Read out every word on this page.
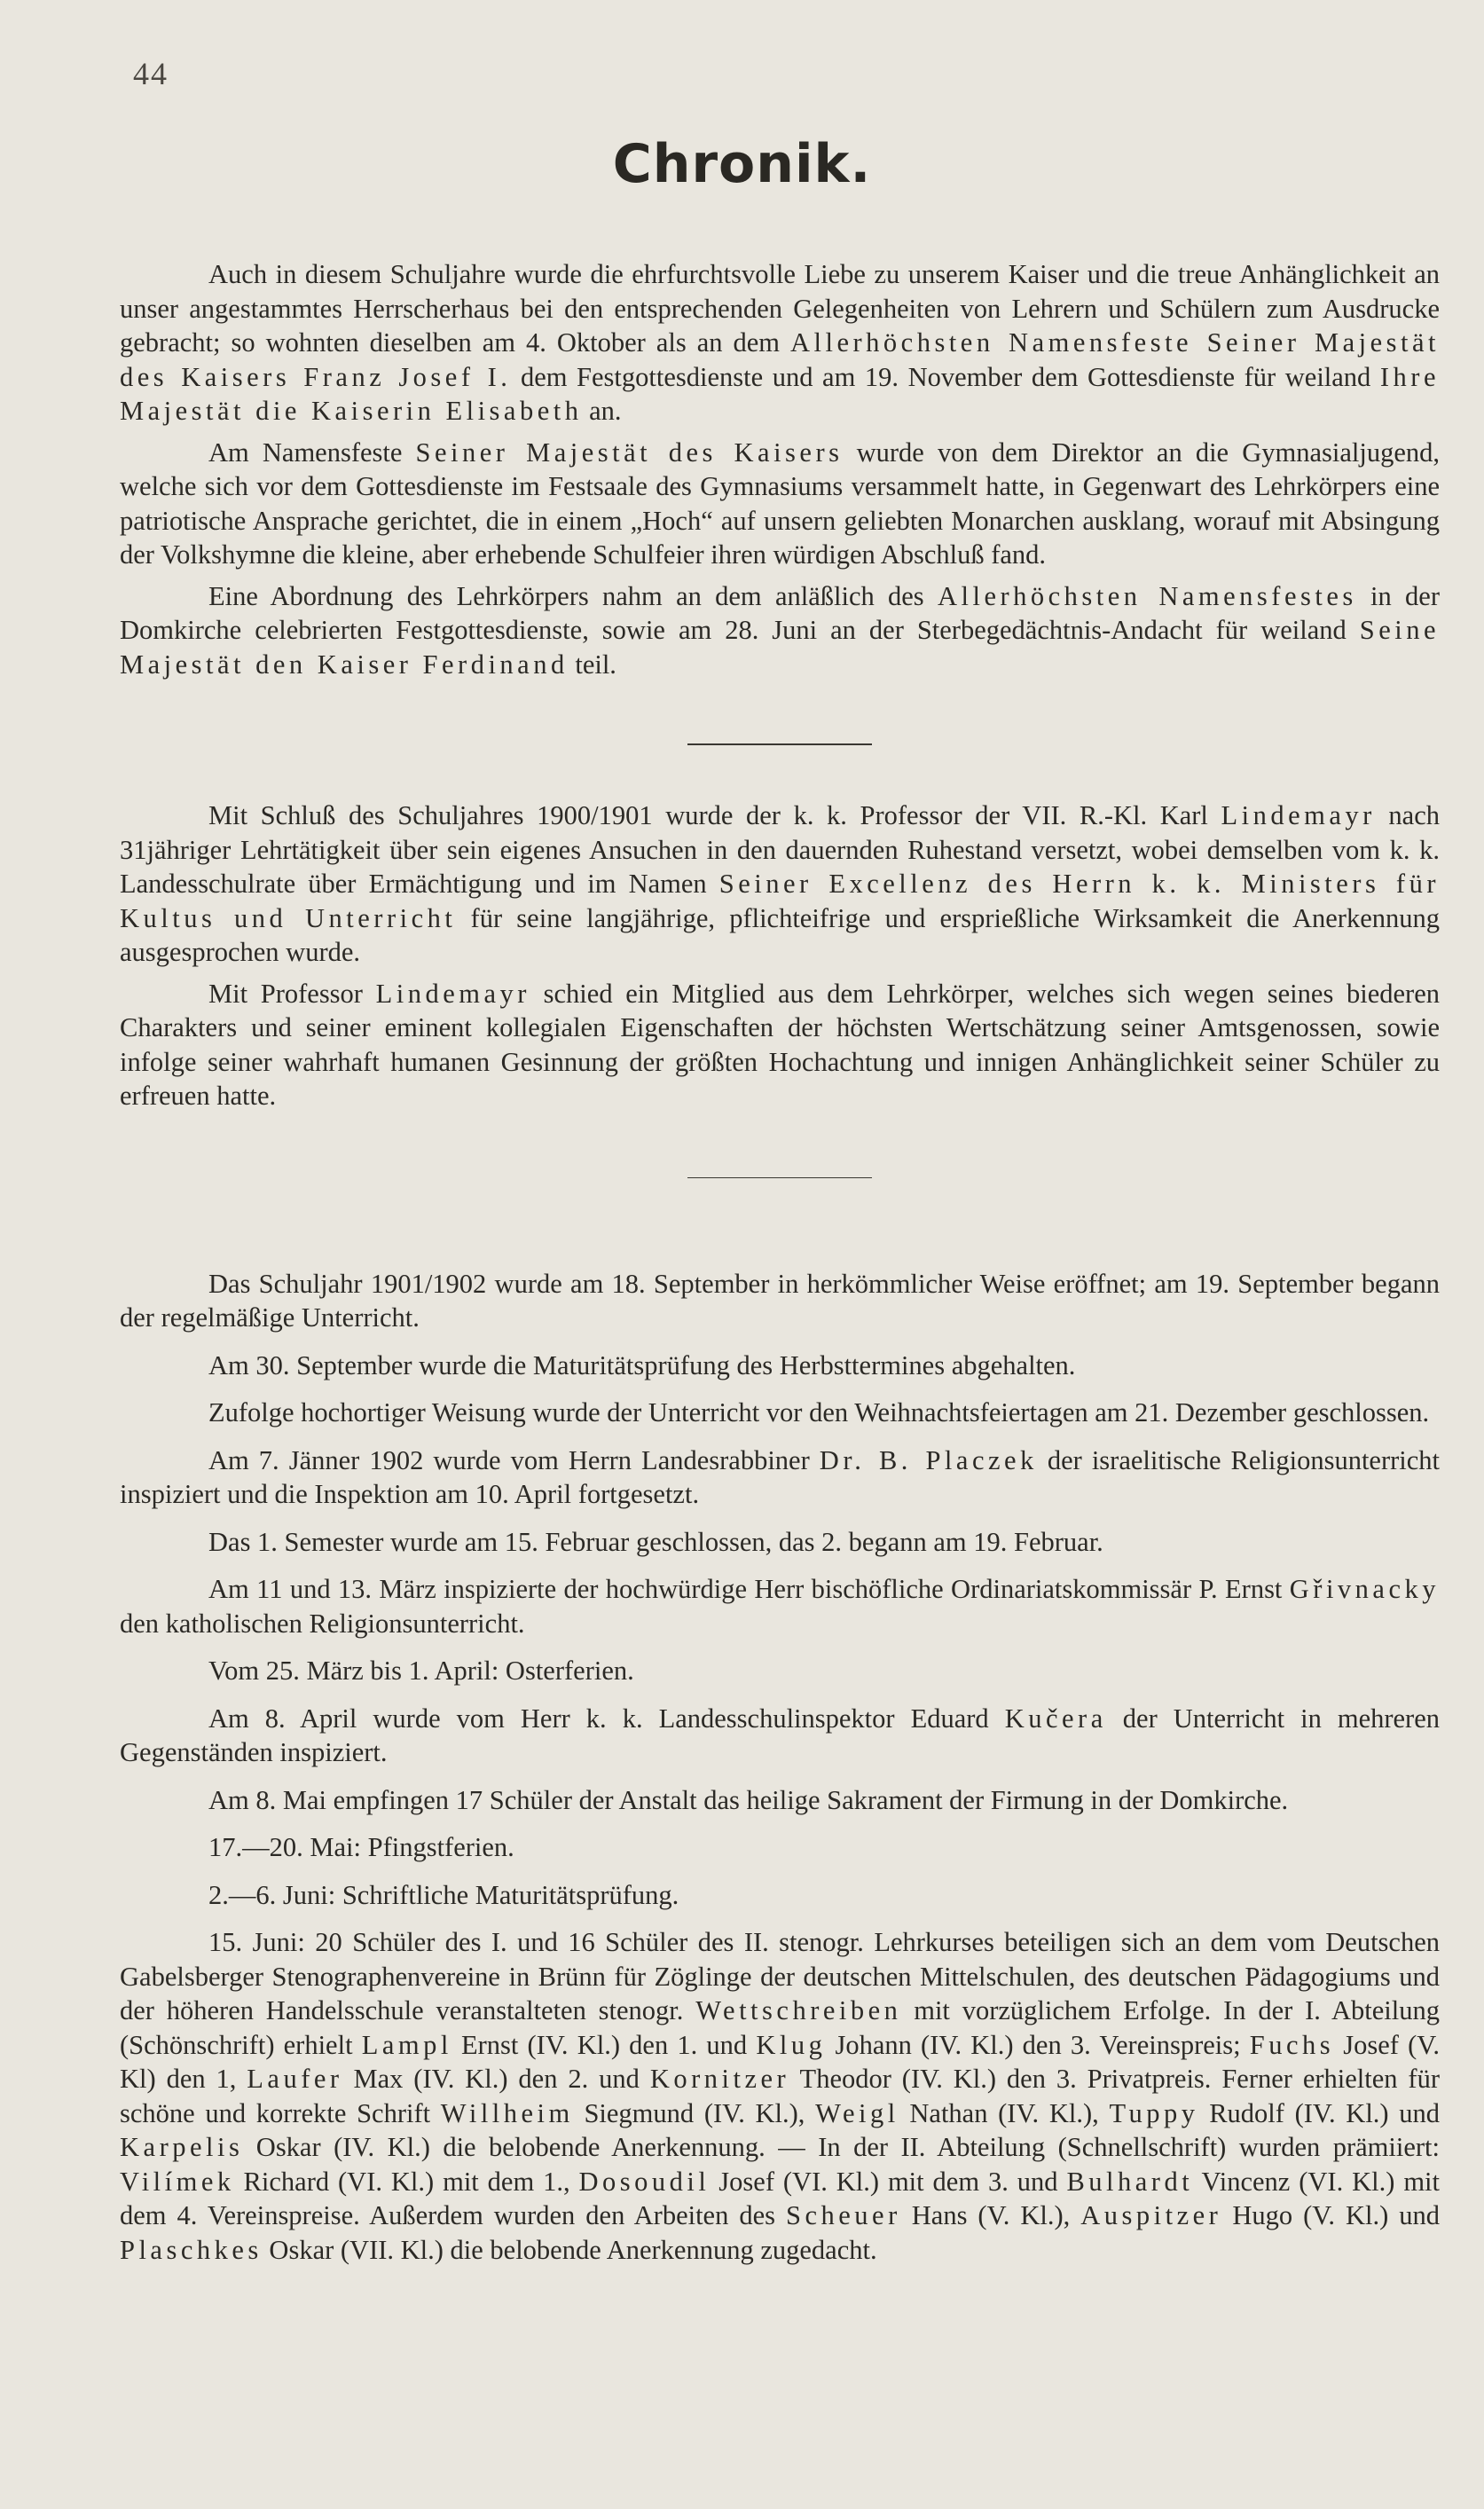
44
Chronik.

Auch in diesem Schuljahre wurde die ehrfurchtsvolle Liebe zu unserem Kaiser und die treue Anhänglichkeit an unser angestammtes Herrscherhaus bei den entsprechenden Gelegenheiten von Lehrern und Schülern zum Ausdrucke gebracht; so wohnten dieselben am 4. Oktober als an dem Allerhöchsten Namensfeste Seiner Majestät des Kaisers Franz Josef I. dem Festgottesdienste und am 19. November dem Gottesdienste für weiland Ihre Majestät die Kaiserin Elisabeth an.

Am Namensfeste Seiner Majestät des Kaisers wurde von dem Direktor an die Gymnasialjugend, welche sich vor dem Gottesdienste im Festsaale des Gymnasiums versammelt hatte, in Gegenwart des Lehrkörpers eine patriotische Ansprache gerichtet, die in einem „Hoch“ auf unsern geliebten Monarchen ausklang, worauf mit Absingung der Volkshymne die kleine, aber erhebende Schulfeier ihren würdigen Abschluß fand.

Eine Abordnung des Lehrkörpers nahm an dem anläßlich des Allerhöchsten Namensfestes in der Domkirche celebrierten Festgottesdienste, sowie am 28. Juni an der Sterbegedächtnis-Andacht für weiland Seine Majestät den Kaiser Ferdinand teil.

Mit Schluß des Schuljahres 1900/1901 wurde der k. k. Professor der VII. R.-Kl. Karl Lindemayr nach 31jähriger Lehrtätigkeit über sein eigenes Ansuchen in den dauernden Ruhestand versetzt, wobei demselben vom k. k. Landesschulrate über Ermächtigung und im Namen Seiner Excellenz des Herrn k. k. Ministers für Kultus und Unterricht für seine langjährige, pflichteifrige und ersprießliche Wirksamkeit die Anerkennung ausgesprochen wurde.

Mit Professor Lindemayr schied ein Mitglied aus dem Lehrkörper, welches sich wegen seines biederen Charakters und seiner eminent kollegialen Eigenschaften der höchsten Wertschätzung seiner Amtsgenossen, sowie infolge seiner wahrhaft humanen Gesinnung der größten Hochachtung und innigen Anhänglichkeit seiner Schüler zu erfreuen hatte.

Das Schuljahr 1901/1902 wurde am 18. September in herkömmlicher Weise eröffnet; am 19. September begann der regelmäßige Unterricht.

Am 30. September wurde die Maturitätsprüfung des Herbsttermines abgehalten.

Zufolge hochortiger Weisung wurde der Unterricht vor den Weihnachtsfeiertagen am 21. Dezember geschlossen.

Am 7. Jänner 1902 wurde vom Herrn Landesrabbiner Dr. B. Placzek der israelitische Religionsunterricht inspiziert und die Inspektion am 10. April fortgesetzt.

Das 1. Semester wurde am 15. Februar geschlossen, das 2. begann am 19. Februar.

Am 11 und 13. März inspizierte der hochwürdige Herr bischöfliche Ordinariatskommissär P. Ernst Gřivnacky den katholischen Religionsunterricht.

Vom 25. März bis 1. April: Osterferien.

Am 8. April wurde vom Herr k. k. Landesschulinspektor Eduard Kučera der Unterricht in mehreren Gegenständen inspiziert.

Am 8. Mai empfingen 17 Schüler der Anstalt das heilige Sakrament der Firmung in der Domkirche.

17.—20. Mai: Pfingstferien.

2.—6. Juni: Schriftliche Maturitätsprüfung.

15. Juni: 20 Schüler des I. und 16 Schüler des II. stenogr. Lehrkurses beteiligen sich an dem vom Deutschen Gabelsberger Stenographenvereine in Brünn für Zöglinge der deutschen Mittelschulen, des deutschen Pädagogiums und der höheren Handelsschule veranstalteten stenogr. Wettschreiben mit vorzüglichem Erfolge. In der I. Abteilung (Schönschrift) erhielt Lampl Ernst (IV. Kl.) den 1. und Klug Johann (IV. Kl.) den 3. Vereinspreis; Fuchs Josef (V. Kl) den 1, Laufer Max (IV. Kl.) den 2. und Kornitzer Theodor (IV. Kl.) den 3. Privatpreis. Ferner erhielten für schöne und korrekte Schrift Willheim Siegmund (IV. Kl.), Weigl Nathan (IV. Kl.), Tuppy Rudolf (IV. Kl.) und Karpelis Oskar (IV. Kl.) die belobende Anerkennung. — In der II. Abteilung (Schnellschrift) wurden prämiiert: Vilímek Richard (VI. Kl.) mit dem 1., Dosoudil Josef (VI. Kl.) mit dem 3. und Bulhardt Vincenz (VI. Kl.) mit dem 4. Vereinspreise. Außerdem wurden den Arbeiten des Scheuer Hans (V. Kl.), Auspitzer Hugo (V. Kl.) und Plaschkes Oskar (VII. Kl.) die belobende Anerkennung zugedacht.
